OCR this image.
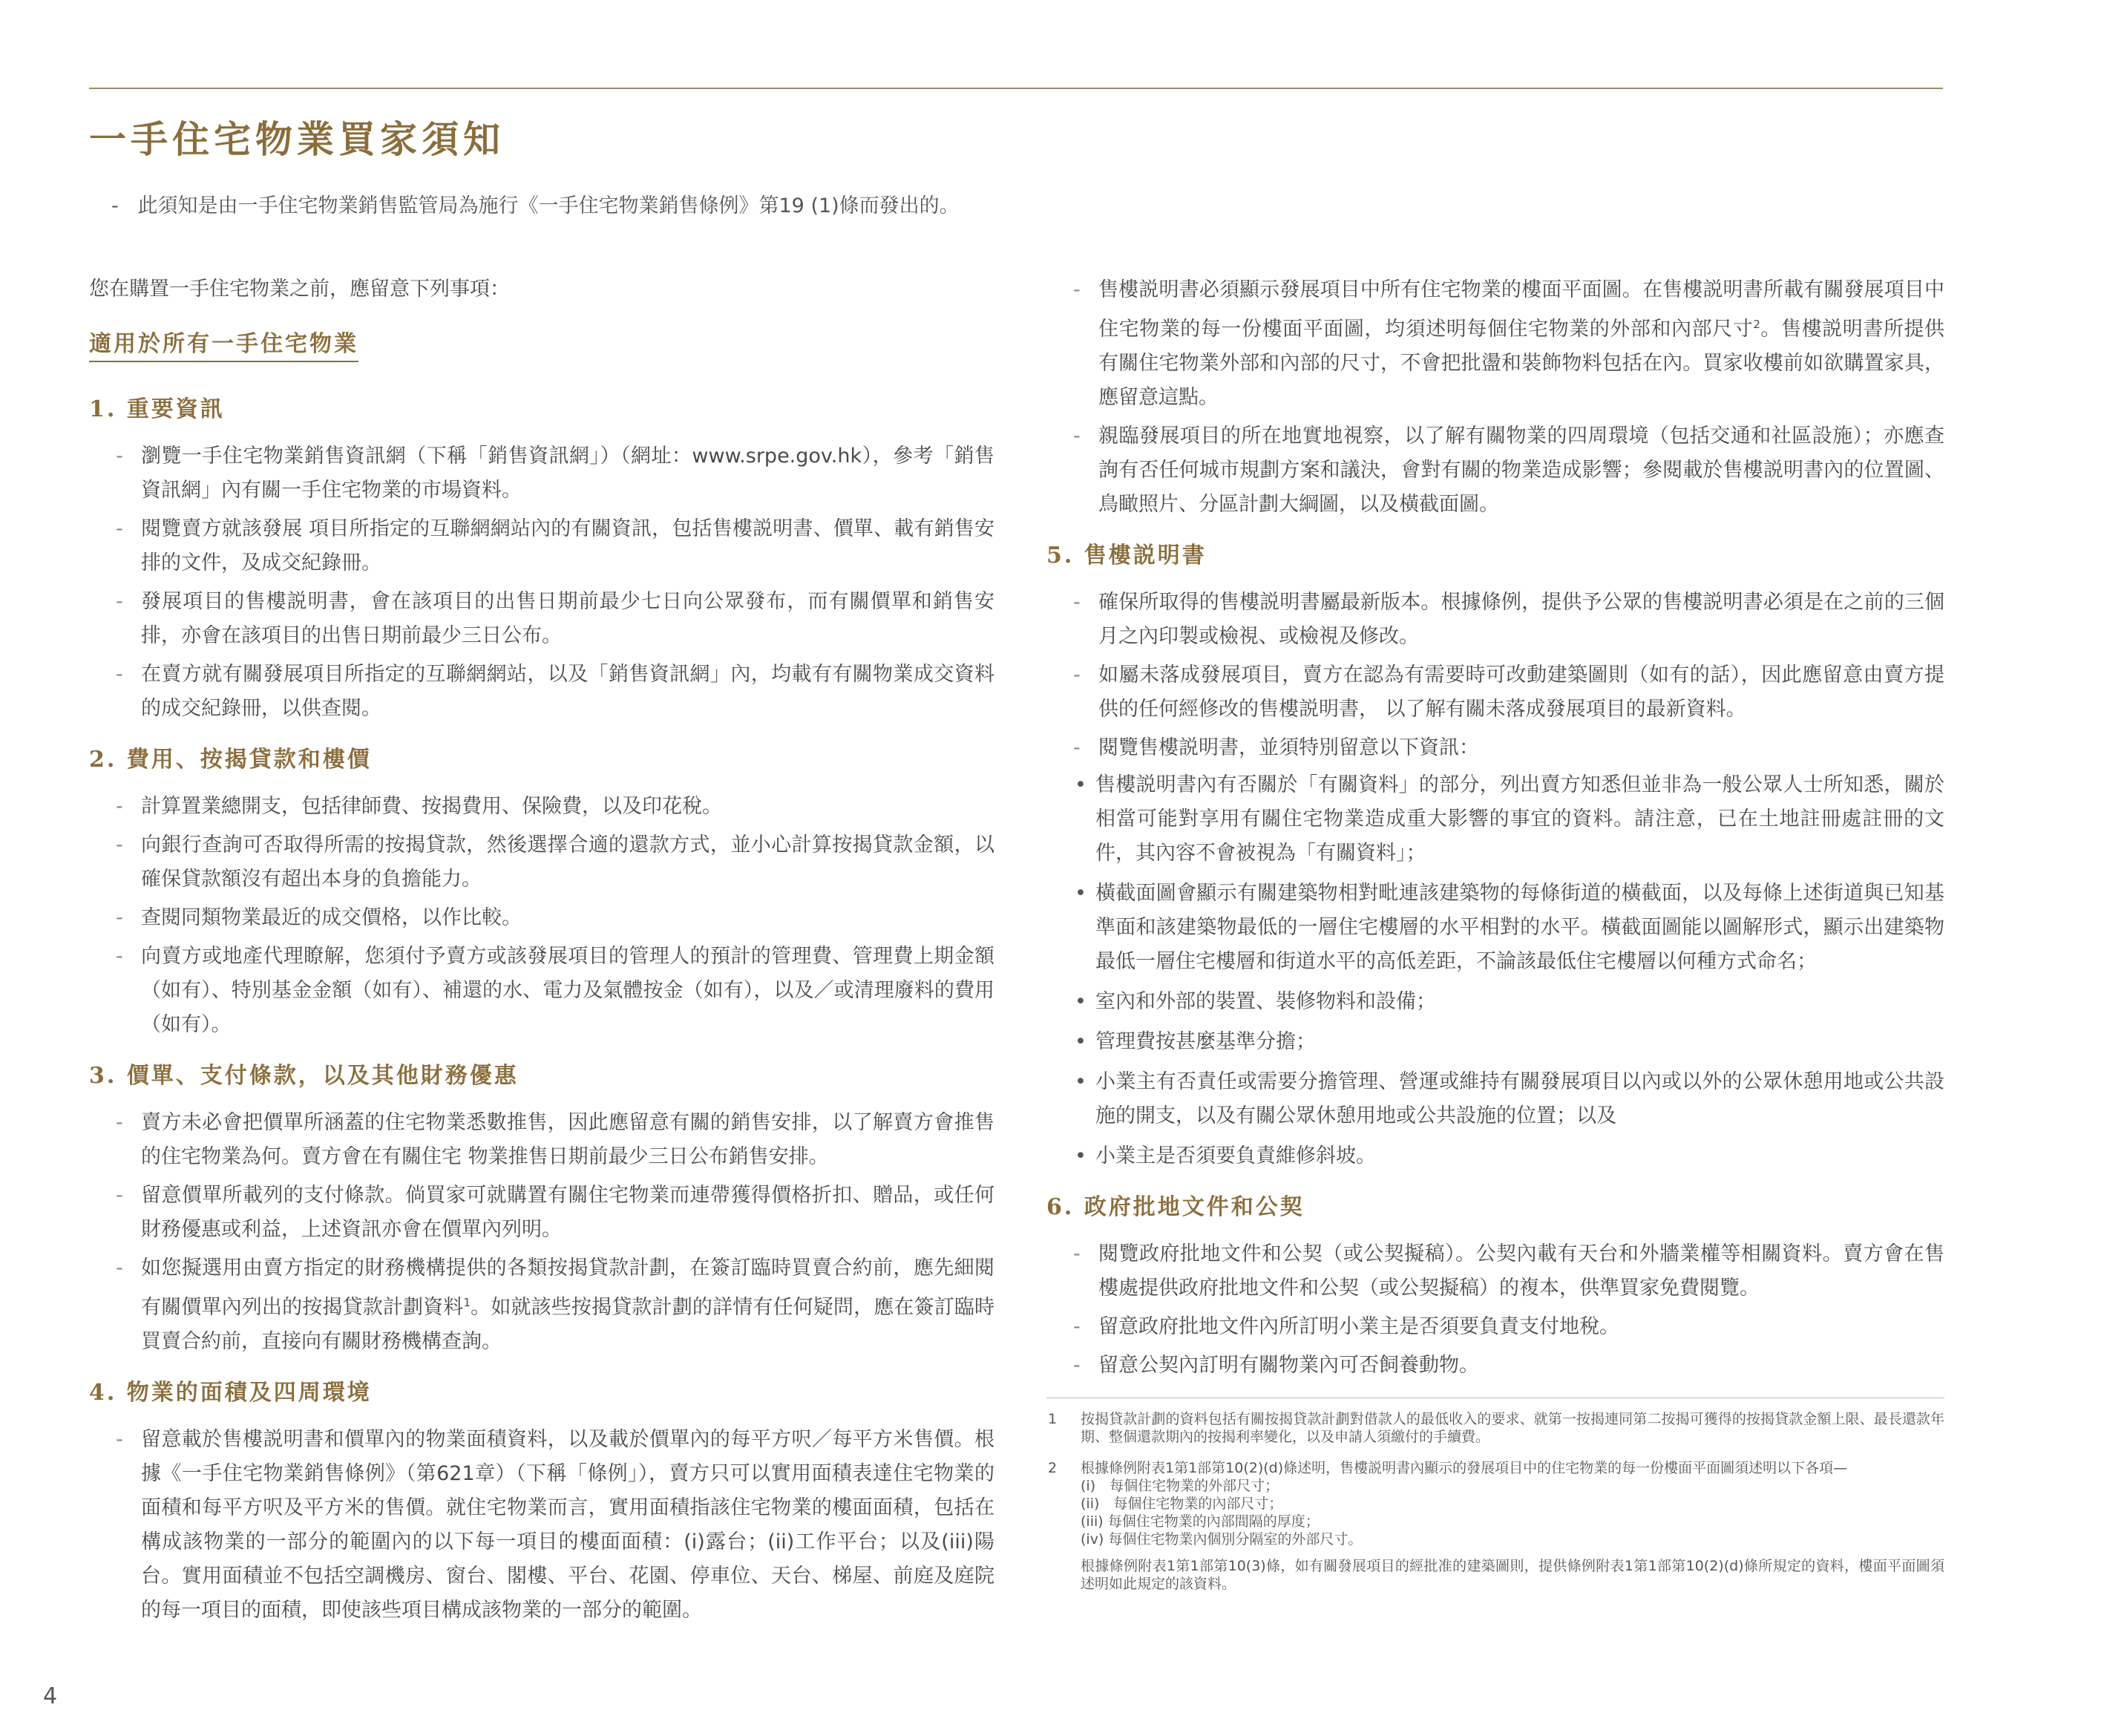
一手住宅物業買家須知
-   此須知是由一手住宅物業銷售監管局為施行《一手住宅物業銷售條例》第19 (1)條而發出的。

您在購置一手住宅物業之前，應留意下列事項：

適用於所有一手住宅物業
1. 重要資訊
- 瀏覽一手住宅物業銷售資訊網（下稱「銷售資訊網」）（網址：www.srpe.gov.hk），參考「銷售資訊網」內有關一手住宅物業的市場資料。
- 閱覽賣方就該發展 項目所指定的互聯網網站內的有關資訊，包括售樓説明書、價單、載有銷售安排的文件，及成交紀錄冊。
- 發展項目的售樓説明書，會在該項目的出售日期前最少七日向公眾發布，而有關價單和銷售安排，亦會在該項目的出售日期前最少三日公布。
- 在賣方就有關發展項目所指定的互聯網網站，以及「銷售資訊網」內，均載有有關物業成交資料的成交紀錄冊，以供查閱。
2. 費用、按揭貸款和樓價
- 計算置業總開支，包括律師費、按揭費用、保險費，以及印花稅。
- 向銀行查詢可否取得所需的按揭貸款，然後選擇合適的還款方式，並小心計算按揭貸款金額，以確保貸款額沒有超出本身的負擔能力。
- 查閱同類物業最近的成交價格，以作比較。
- 向賣方或地產代理瞭解，您須付予賣方或該發展項目的管理人的預計的管理費、管理費上期金額（如有）、特別基金金額（如有）、補還的水、電力及氣體按金（如有），以及／或清理廢料的費用（如有）。
3. 價單、支付條款，以及其他財務優惠
- 賣方未必會把價單所涵蓋的住宅物業悉數推售，因此應留意有關的銷售安排，以了解賣方會推售的住宅物業為何。賣方會在有關住宅 物業推售日期前最少三日公布銷售安排。
- 留意價單所載列的支付條款。倘買家可就購置有關住宅物業而連帶獲得價格折扣、贈品，或任何財務優惠或利益，上述資訊亦會在價單內列明。
- 如您擬選用由賣方指定的財務機構提供的各類按揭貸款計劃，在簽訂臨時買賣合約前，應先細閱有關價單內列出的按揭貸款計劃資料$^1$。如就該些按揭貸款計劃的詳情有任何疑問，應在簽訂臨時買賣合約前，直接向有關財務機構查詢。
4. 物業的面積及四周環境
- 留意載於售樓説明書和價單內的物業面積資料，以及載於價單內的每平方呎／每平方米售價。根據《一手住宅物業銷售條例》（第621章）（下稱「條例」），賣方只可以實用面積表達住宅物業的面積和每平方呎及平方米的售價。就住宅物業而言，實用面積指該住宅物業的樓面面積，包括在構成該物業的一部分的範圍內的以下每一項目的樓面面積：(i)露台；(ii)工作平台；以及(iii)陽台。實用面積並不包括空調機房、窗台、閣樓、平台、花園、停車位、天台、梯屋、前庭及庭院的每一項目的面積，即使該些項目構成該物業的一部分的範圍。
- 售樓説明書必須顯示發展項目中所有住宅物業的樓面平面圖。在售樓説明書所載有關發展項目中住宅物業的每一份樓面平面圖，均須述明每個住宅物業的外部和內部尺寸$^2$。售樓説明書所提供有關住宅物業外部和內部的尺寸，不會把批盪和裝飾物料包括在內。買家收樓前如欲購置家具，應留意這點。
- 親臨發展項目的所在地實地視察，以了解有關物業的四周環境（包括交通和社區設施）；亦應查詢有否任何城市規劃方案和議決，會對有關的物業造成影響；參閱載於售樓説明書內的位置圖、鳥瞰照片、分區計劃大綱圖，以及橫截面圖。
5. 售樓説明書
- 確保所取得的售樓説明書屬最新版本。根據條例，提供予公眾的售樓説明書必須是在之前的三個月之內印製或檢視、或檢視及修改。
- 如屬未落成發展項目，賣方在認為有需要時可改動建築圖則（如有的話），因此應留意由賣方提供的任何經修改的售樓説明書， 以了解有關未落成發展項目的最新資料。
- 閱覽售樓説明書，並須特別留意以下資訊：
• 售樓説明書內有否關於「有關資料」的部分，列出賣方知悉但並非為一般公眾人士所知悉，關於相當可能對享用有關住宅物業造成重大影響的事宜的資料。請注意，已在土地註冊處註冊的文件，其內容不會被視為「有關資料」；
• 橫截面圖會顯示有關建築物相對毗連該建築物的每條街道的橫截面，以及每條上述街道與已知基準面和該建築物最低的一層住宅樓層的水平相對的水平。橫截面圖能以圖解形式，顯示出建築物最低一層住宅樓層和街道水平的高低差距，不論該最低住宅樓層以何種方式命名；
• 室內和外部的裝置、裝修物料和設備；
• 管理費按甚麼基準分擔；
• 小業主有否責任或需要分擔管理、營運或維持有關發展項目以內或以外的公眾休憩用地或公共設施的開支，以及有關公眾休憩用地或公共設施的位置；以及
• 小業主是否須要負責維修斜坡。
6. 政府批地文件和公契
- 閱覽政府批地文件和公契（或公契擬稿）。公契內載有天台和外牆業權等相關資料。賣方會在售樓處提供政府批地文件和公契（或公契擬稿）的複本，供準買家免費閱覽。
- 留意政府批地文件內所訂明小業主是否須要負責支付地稅。
- 留意公契內訂明有關物業內可否飼養動物。
1 按揭貸款計劃的資料包括有關按揭貸款計劃對借款人的最低收入的要求、就第一按揭連同第二按揭可獲得的按揭貸款金額上限、最長還款年期、整個還款期內的按揭利率變化，以及申請人須繳付的手續費。
2 根據條例附表1第1部第10(2)(d)條述明，售樓説明書內顯示的發展項目中的住宅物業的每一份樓面平面圖須述明以下各項—
(i)　每個住宅物業的外部尺寸；
(ii)　每個住宅物業的內部尺寸；
(iii) 每個住宅物業的內部間隔的厚度；
(iv) 每個住宅物業內個別分隔室的外部尺寸。
根據條例附表1第1部第10(3)條，如有關發展項目的經批准的建築圖則，提供條例附表1第1部第10(2)(d)條所規定的資料，樓面平面圖須述明如此規定的該資料。
4
